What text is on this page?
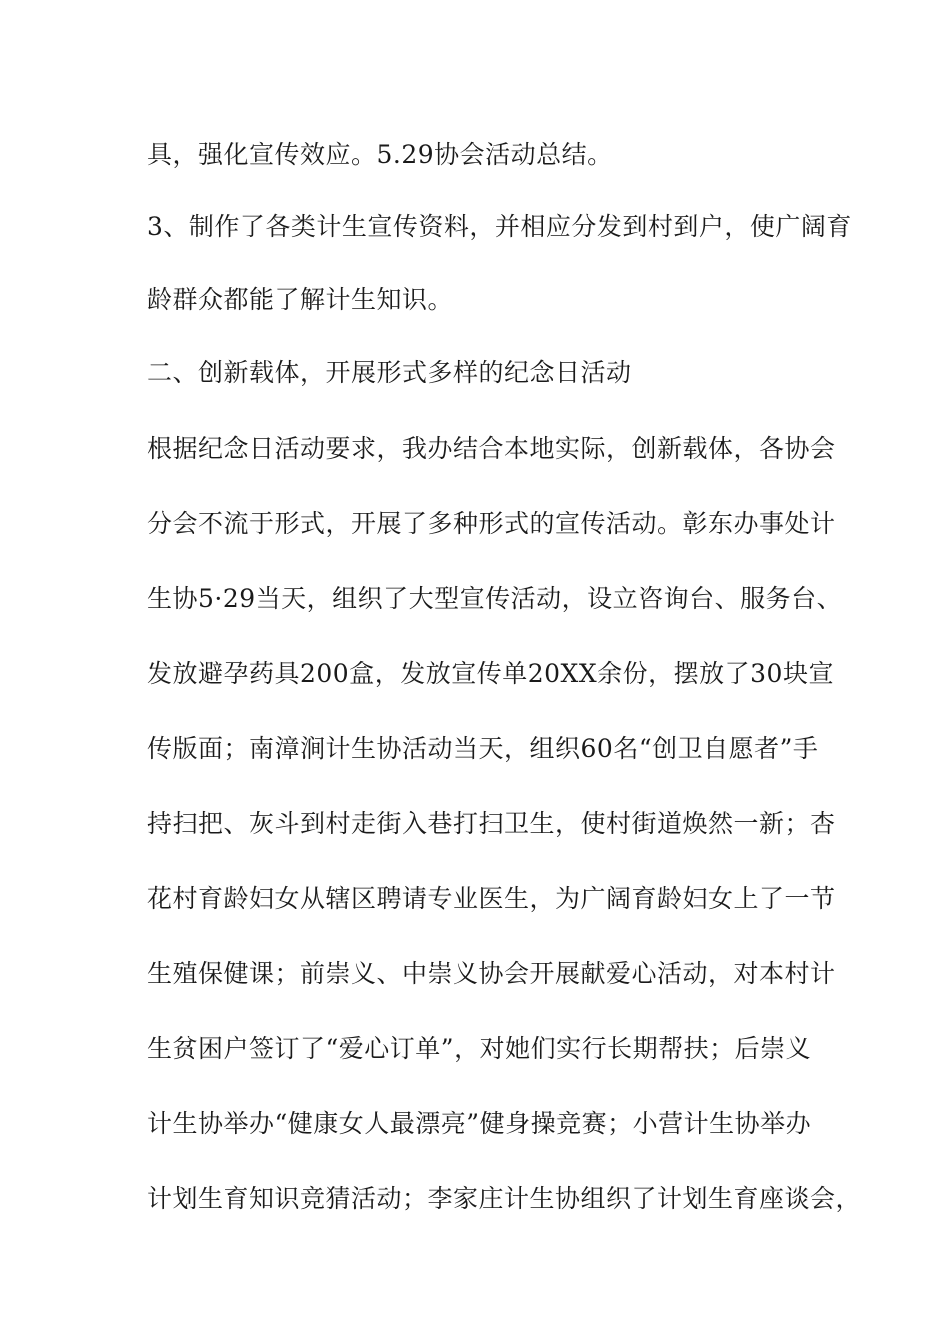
具，强化宣传效应。5.29协会活动总结。

3、制作了各类计生宣传资料，并相应分发到村到户，使广阔育

龄群众都能了解计生知识。

二、创新载体，开展形式多样的纪念日活动

根据纪念日活动要求，我办结合本地实际，创新载体，各协会

分会不流于形式，开展了多种形式的宣传活动。彰东办事处计

生协5·29当天，组织了大型宣传活动，设立咨询台、服务台、

发放避孕药具200盒，发放宣传单20XX余份，摆放了30块宣

传版面；南漳涧计生协活动当天，组织60名“创卫自愿者”手

持扫把、灰斗到村走街入巷打扫卫生，使村街道焕然一新；杏

花村育龄妇女从辖区聘请专业医生，为广阔育龄妇女上了一节

生殖保健课；前崇义、中崇义协会开展献爱心活动，对本村计

生贫困户签订了“爱心订单”，对她们实行长期帮扶；后崇义

计生协举办“健康女人最漂亮”健身操竞赛；小营计生协举办

计划生育知识竞猜活动；李家庄计生协组织了计划生育座谈会，
